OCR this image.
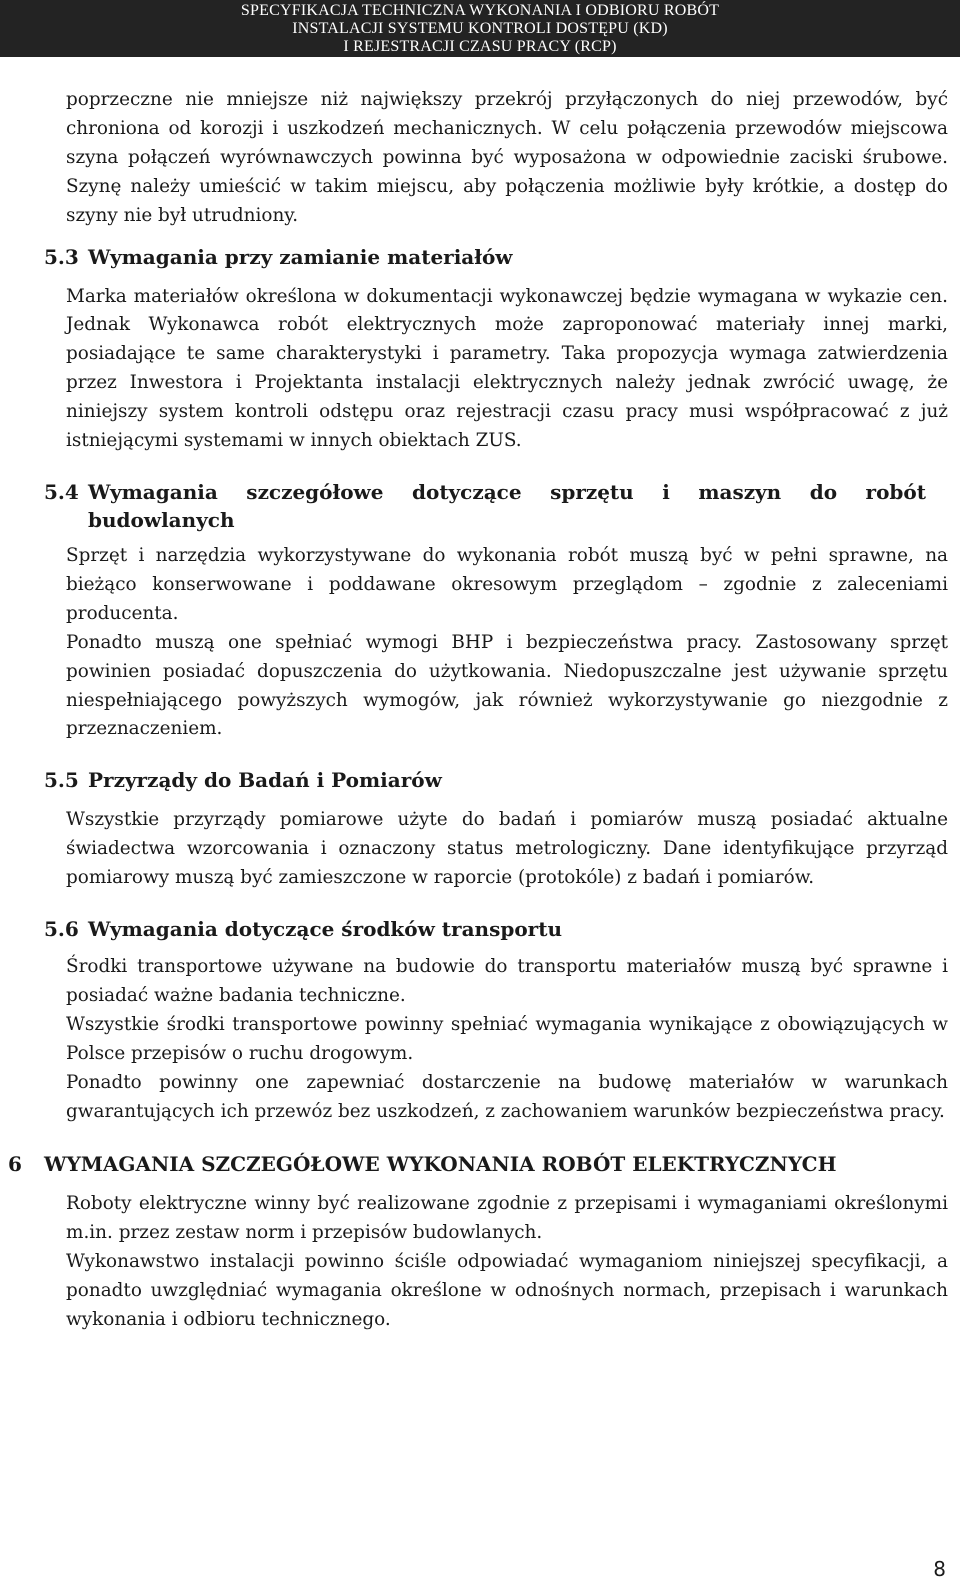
SPECYFIKACJA TECHNICZNA WYKONANIA I ODBIORU ROBÓT
INSTALACJI SYSTEMU KONTROLI DOSTĘPU (KD)
I REJESTRACJI CZASU PRACY (RCP)

poprzeczne nie mniejsze niż największy przekrój przyłączonych do niej przewodów, być chroniona od korozji i uszkodzeń mechanicznych. W celu połączenia przewodów miejscowa szyna połączeń wyrównawczych powinna być wyposażona w odpowiednie zaciski śrubowe. Szynę należy umieścić w takim miejscu, aby połączenia możliwie były krótkie, a dostęp do szyny nie był utrudniony.

5.3 Wymagania przy zamianie materiałów

Marka materiałów określona w dokumentacji wykonawczej będzie wymagana w wykazie cen. Jednak Wykonawca robót elektrycznych może zaproponować materiały innej marki, posiadające te same charakterystyki i parametry. Taka propozycja wymaga zatwierdzenia przez Inwestora i Projektanta instalacji elektrycznych należy jednak zwrócić uwagę, że niniejszy system kontroli odstępu oraz rejestracji czasu pracy musi współpracować z już istniejącymi systemami w innych obiektach ZUS.

5.4 Wymagania szczegółowe dotyczące sprzętu i maszyn do robót budowlanych

Sprzęt i narzędzia wykorzystywane do wykonania robót muszą być w pełni sprawne, na bieżąco konserwowane i poddawane okresowym przeglądom – zgodnie z zaleceniami producenta.

Ponadto muszą one spełniać wymogi BHP i bezpieczeństwa pracy. Zastosowany sprzęt powinien posiadać dopuszczenia do użytkowania. Niedopuszczalne jest używanie sprzętu niespełniającego powyższych wymogów, jak również wykorzystywanie go niezgodnie z przeznaczeniem.

5.5 Przyrządy do Badań i Pomiarów

Wszystkie przyrządy pomiarowe użyte do badań i pomiarów muszą posiadać aktualne świadectwa wzorcowania i oznaczony status metrologiczny. Dane identyfikujące przyrząd pomiarowy muszą być zamieszczone w raporcie (protokóle) z badań i pomiarów.

5.6 Wymagania dotyczące środków transportu

Środki transportowe używane na budowie do transportu materiałów muszą być sprawne i posiadać ważne badania techniczne.

Wszystkie środki transportowe powinny spełniać wymagania wynikające z obowiązujących w Polsce przepisów o ruchu drogowym.

Ponadto powinny one zapewniać dostarczenie na budowę materiałów w warunkach gwarantujących ich przewóz bez uszkodzeń, z zachowaniem warunków bezpieczeństwa pracy.

6	WYMAGANIA SZCZEGÓŁOWE WYKONANIA ROBÓT ELEKTRYCZNYCH

Roboty elektryczne winny być realizowane zgodnie z przepisami i wymaganiami określonymi m.in. przez zestaw norm i przepisów budowlanych.

Wykonawstwo instalacji powinno ściśle odpowiadać wymaganiom niniejszej specyfikacji, a ponadto uwzględniać wymagania określone w odnośnych normach, przepisach i warunkach wykonania i odbioru technicznego.

8
